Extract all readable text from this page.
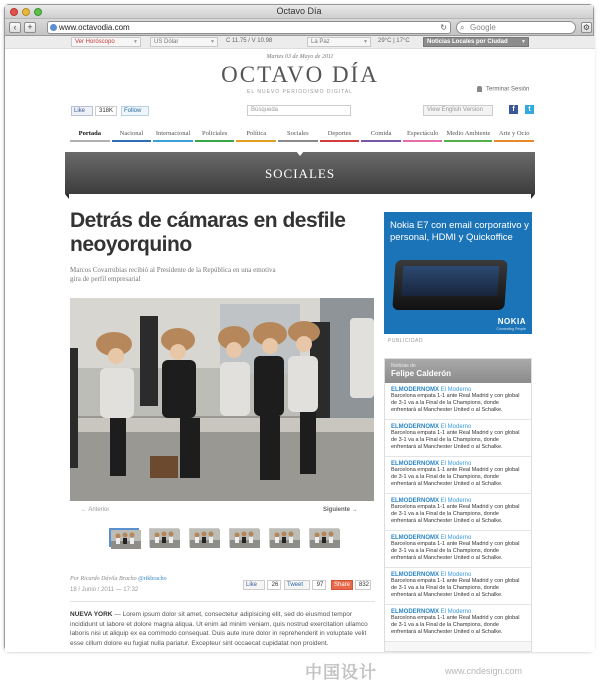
Octavo Día
‹	+	www.octavodia.com	↻ ⌕ Google	⚙
Ver Horóscopo	▼	US Dólar	▼	C 11.75 / V 10.98	La Paz	▼	29°C | 17°C	Noticias Locales por Ciudad	▼
Martes 03 de Mayo de 2011
OCTAVO DÍA
EL NUEVO PERIODISMO DIGITAL	Terminar Sesión
Like	318K	Follow	Búsqueda	View English Version	f	t
Portada	Nacional	Internacional	Policiales	Política	Sociales	Deportes	Comida	Espectáculo	Medio Ambiente	Arte y Ocio
SOCIALES
Detrás de cámaras en desfile neoyorquino
Marcos Covarrubias recibió al Presidente de la República en una emotiva gira de perfil empresarial
← Anterior	Siguiente →
Por Ricardo Dávila Bracho @rikbracho
18 / Junio / 2011 — 17:32
Like	26	Tweet	97	Share	832
NUEVA YORK — Lorem ipsum dolor sit amet, consectetur adipisicing elit, sed do eiusmod tempor incididunt ut labore et dolore magna aliqua. Ut enim ad minim veniam, quis nostrud exercitation ullamco laboris nisi ut aliquip ex ea commodo consequat. Duis aute irure dolor in reprehenderit in voluptate velit esse cillum dolore eu fugiat nulla pariatur. Excepteur sint occaecat cupidatat non proident.
Nokia E7 con email corporativo y personal, HDMI y Quickoffice
NOKIA
Connecting People
PUBLICIDAD
Noticias de
Felipe Calderón
ELMODERNOMX El Moderno
Barcelona empata 1-1 ante Real Madrid y con global de 3-1 va a la Final de la Champions, donde enfrentará al Manchester United o al Schalke.
ELMODERNOMX El Moderno
Barcelona empata 1-1 ante Real Madrid y con global de 3-1 va a la Final de la Champions, donde enfrentará al Manchester United o al Schalke.
ELMODERNOMX El Moderno
Barcelona empata 1-1 ante Real Madrid y con global de 3-1 va a la Final de la Champions, donde enfrentará al Manchester United o al Schalke.
ELMODERNOMX El Moderno
Barcelona empata 1-1 ante Real Madrid y con global de 3-1 va a la Final de la Champions, donde enfrentará al Manchester United o al Schalke.
ELMODERNOMX El Moderno
Barcelona empata 1-1 ante Real Madrid y con global de 3-1 va a la Final de la Champions, donde enfrentará al Manchester United o al Schalke.
ELMODERNOMX El Moderno
Barcelona empata 1-1 ante Real Madrid y con global de 3-1 va a la Final de la Champions, donde enfrentará al Manchester United o al Schalke.
ELMODERNOMX El Moderno
Barcelona empata 1-1 ante Real Madrid y con global de 3-1 va a la Final de la Champions, donde enfrentará al Manchester United o al Schalke.
中国设计	www.cndesign.com
